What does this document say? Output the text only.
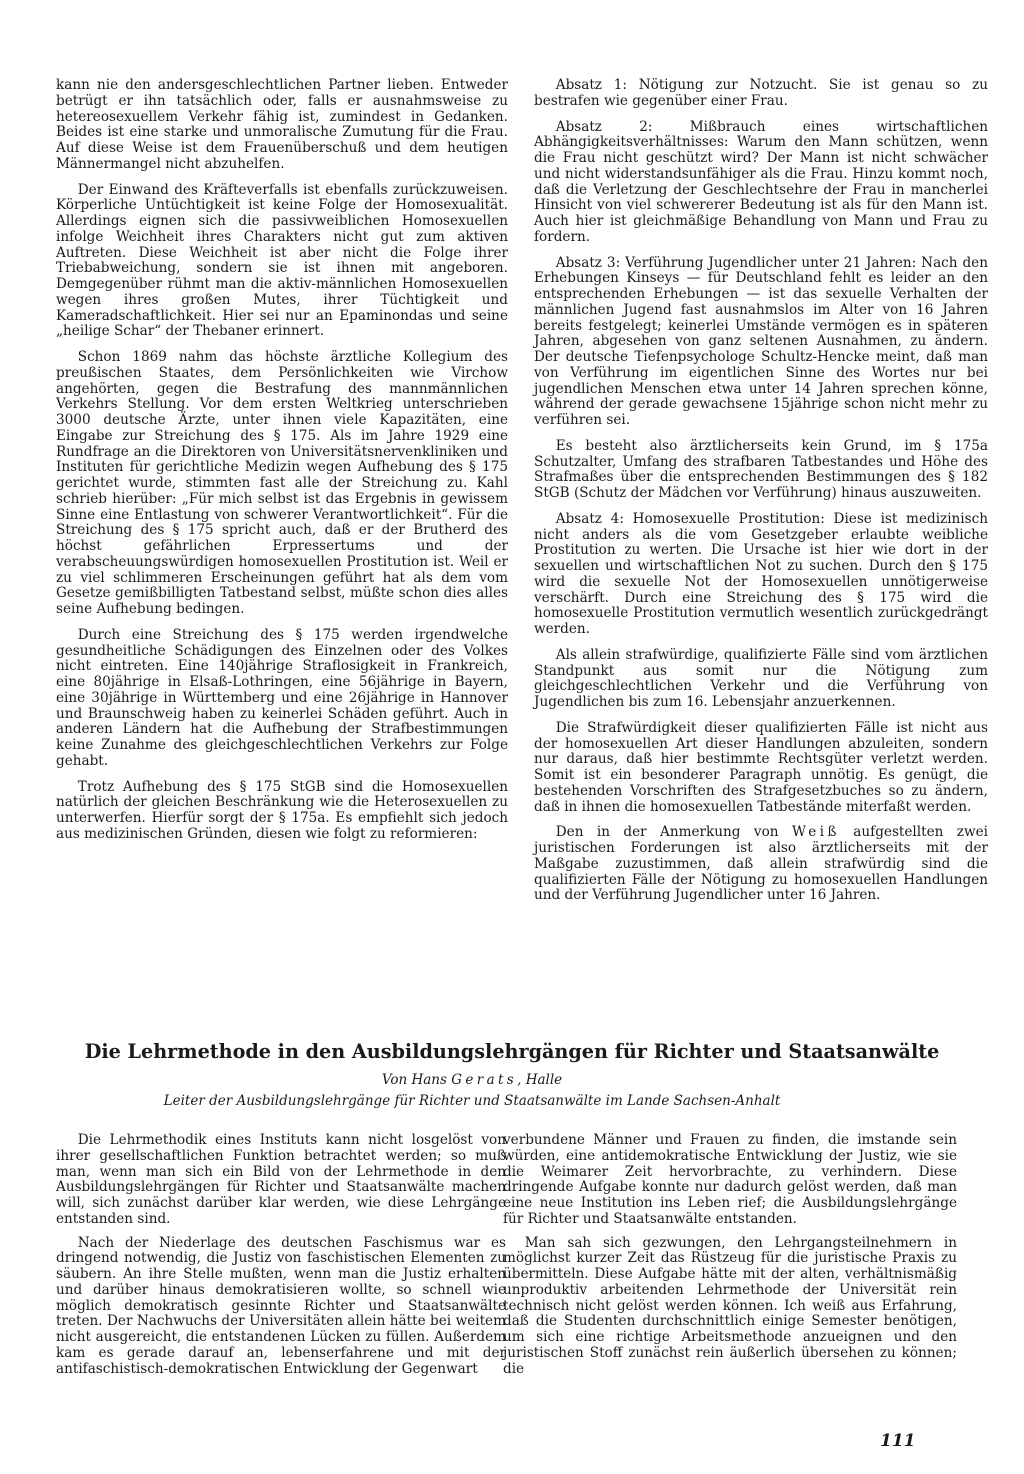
kann nie den andersgeschlechtlichen Partner lieben. Entweder betrügt er ihn tatsächlich oder, falls er ausnahmsweise zu hetereosexuellem Verkehr fähig ist, zumindest in Gedanken. Beides ist eine starke und unmoralische Zumutung für die Frau. Auf diese Weise ist dem Frauenüberschuß und dem heutigen Männermangel nicht abzuhelfen.

Der Einwand des Kräfteverfalls ist ebenfalls zurückzuweisen. Körperliche Untüchtigkeit ist keine Folge der Homosexualität. Allerdings eignen sich die passivweiblichen Homosexuellen infolge Weichheit ihres Charakters nicht gut zum aktiven Auftreten. Diese Weichheit ist aber nicht die Folge ihrer Triebabweichung, sondern sie ist ihnen mit angeboren. Demgegenüber rühmt man die aktiv-männlichen Homosexuellen wegen ihres großen Mutes, ihrer Tüchtigkeit und Kameradschaftlichkeit. Hier sei nur an Epaminondas und seine „heilige Schar“ der Thebaner erinnert.

Schon 1869 nahm das höchste ärztliche Kollegium des preußischen Staates, dem Persönlichkeiten wie Virchow angehörten, gegen die Bestrafung des mannmännlichen Verkehrs Stellung. Vor dem ersten Weltkrieg unterschrieben 3000 deutsche Ärzte, unter ihnen viele Kapazitäten, eine Eingabe zur Streichung des § 175. Als im Jahre 1929 eine Rundfrage an die Direktoren von Universitätsnervenkliniken und Instituten für gerichtliche Medizin wegen Aufhebung des § 175 gerichtet wurde, stimmten fast alle der Streichung zu. Kahl schrieb hierüber: „Für mich selbst ist das Ergebnis in gewissem Sinne eine Entlastung von schwerer Verantwortlichkeit“. Für die Streichung des § 175 spricht auch, daß er der Brutherd des höchst gefährlichen Erpressertums und der verabscheuungswürdigen homosexuellen Prostitution ist. Weil er zu viel schlimmeren Erscheinungen geführt hat als dem vom Gesetze gemißbilligten Tatbestand selbst, müßte schon dies alles seine Aufhebung bedingen.

Durch eine Streichung des § 175 werden irgendwelche gesundheitliche Schädigungen des Einzelnen oder des Volkes nicht eintreten. Eine 140jährige Straflosigkeit in Frankreich, eine 80jährige in Elsaß-Lothringen, eine 56jährige in Bayern, eine 30jährige in Württemberg und eine 26jährige in Hannover und Braunschweig haben zu keinerlei Schäden geführt. Auch in anderen Ländern hat die Aufhebung der Strafbestimmungen keine Zunahme des gleichgeschlechtlichen Verkehrs zur Folge gehabt.

Trotz Aufhebung des § 175 StGB sind die Homosexuellen natürlich der gleichen Beschränkung wie die Heterosexuellen zu unterwerfen. Hierfür sorgt der § 175a. Es empfiehlt sich jedoch aus medizinischen Gründen, diesen wie folgt zu reformieren:

Absatz 1: Nötigung zur Notzucht. Sie ist genau so zu bestrafen wie gegenüber einer Frau.

Absatz 2: Mißbrauch eines wirtschaftlichen Abhängigkeitsverhältnisses: Warum den Mann schützen, wenn die Frau nicht geschützt wird? Der Mann ist nicht schwächer und nicht widerstandsunfähiger als die Frau. Hinzu kommt noch, daß die Verletzung der Geschlechtsehre der Frau in mancherlei Hinsicht von viel schwererer Bedeutung ist als für den Mann ist. Auch hier ist gleichmäßige Behandlung von Mann und Frau zu fordern.

Absatz 3: Verführung Jugendlicher unter 21 Jahren: Nach den Erhebungen Kinseys — für Deutschland fehlt es leider an den entsprechenden Erhebungen — ist das sexuelle Verhalten der männlichen Jugend fast ausnahmslos im Alter von 16 Jahren bereits festgelegt; keinerlei Umstände vermögen es in späteren Jahren, abgesehen von ganz seltenen Ausnahmen, zu ändern. Der deutsche Tiefenpsychologe Schultz-Hencke meint, daß man von Verführung im eigentlichen Sinne des Wortes nur bei jugendlichen Menschen etwa unter 14 Jahren sprechen könne, während der gerade gewachsene 15jährige schon nicht mehr zu verführen sei.

Es besteht also ärztlicherseits kein Grund, im § 175a Schutzalter, Umfang des strafbaren Tatbestandes und Höhe des Strafmaßes über die entsprechenden Bestimmungen des § 182 StGB (Schutz der Mädchen vor Verführung) hinaus auszuweiten.

Absatz 4: Homosexuelle Prostitution: Diese ist medizinisch nicht anders als die vom Gesetzgeber erlaubte weibliche Prostitution zu werten. Die Ursache ist hier wie dort in der sexuellen und wirtschaftlichen Not zu suchen. Durch den § 175 wird die sexuelle Not der Homosexuellen unnötigerweise verschärft. Durch eine Streichung des § 175 wird die homosexuelle Prostitution vermutlich wesentlich zurückgedrängt werden.

Als allein strafwürdige, qualifizierte Fälle sind vom ärztlichen Standpunkt aus somit nur die Nötigung zum gleichgeschlechtlichen Verkehr und die Verführung von Jugendlichen bis zum 16. Lebensjahr anzuerkennen.

Die Strafwürdigkeit dieser qualifizierten Fälle ist nicht aus der homosexuellen Art dieser Handlungen abzuleiten, sondern nur daraus, daß hier bestimmte Rechtsgüter verletzt werden. Somit ist ein besonderer Paragraph unnötig. Es genügt, die bestehenden Vorschriften des Strafgesetzbuches so zu ändern, daß in ihnen die homosexuellen Tatbestände miterfaßt werden.

Den in der Anmerkung von Weiß aufgestellten zwei juristischen Forderungen ist also ärztlicherseits mit der Maßgabe zuzustimmen, daß allein strafwürdig sind die qualifizierten Fälle der Nötigung zu homosexuellen Handlungen und der Verführung Jugendlicher unter 16 Jahren.

Die Lehrmethode in den Ausbildungslehrgängen für Richter und Staatsanwälte

Von Hans Gerats, Halle

Leiter der Ausbildungslehrgänge für Richter und Staatsanwälte im Lande Sachsen-Anhalt

Die Lehrmethodik eines Instituts kann nicht losgelöst von ihrer gesellschaftlichen Funktion betrachtet werden; so muß man, wenn man sich ein Bild von der Lehrmethode in den Ausbildungslehrgängen für Richter und Staatsanwälte machen will, sich zunächst darüber klar werden, wie diese Lehrgänge entstanden sind.

Nach der Niederlage des deutschen Faschismus war es dringend notwendig, die Justiz von faschistischen Elementen zu säubern. An ihre Stelle mußten, wenn man die Justiz erhalten und darüber hinaus demokratisieren wollte, so schnell wie möglich demokratisch gesinnte Richter und Staatsanwälte treten. Der Nachwuchs der Universitäten allein hätte bei weitem nicht ausgereicht, die entstandenen Lücken zu füllen. Außerdem kam es gerade darauf an, lebenserfahrene und mit der antifaschistisch-demokratischen Entwicklung der Gegenwart

verbundene Männer und Frauen zu finden, die imstande sein würden, eine antidemokratische Entwicklung der Justiz, wie sie die Weimarer Zeit hervorbrachte, zu verhindern. Diese dringende Aufgabe konnte nur dadurch gelöst werden, daß man eine neue Institution ins Leben rief; die Ausbildungslehrgänge für Richter und Staatsanwälte entstanden.

Man sah sich gezwungen, den Lehrgangsteilnehmern in möglichst kurzer Zeit das Rüstzeug für die juristische Praxis zu übermitteln. Diese Aufgabe hätte mit der alten, verhältnismäßig unproduktiv arbeitenden Lehrmethode der Universität rein technisch nicht gelöst werden können. Ich weiß aus Erfahrung, daß die Studenten durchschnittlich einige Semester benötigen, um sich eine richtige Arbeitsmethode anzueignen und den juristischen Stoff zunächst rein äußerlich übersehen zu können; die

111
